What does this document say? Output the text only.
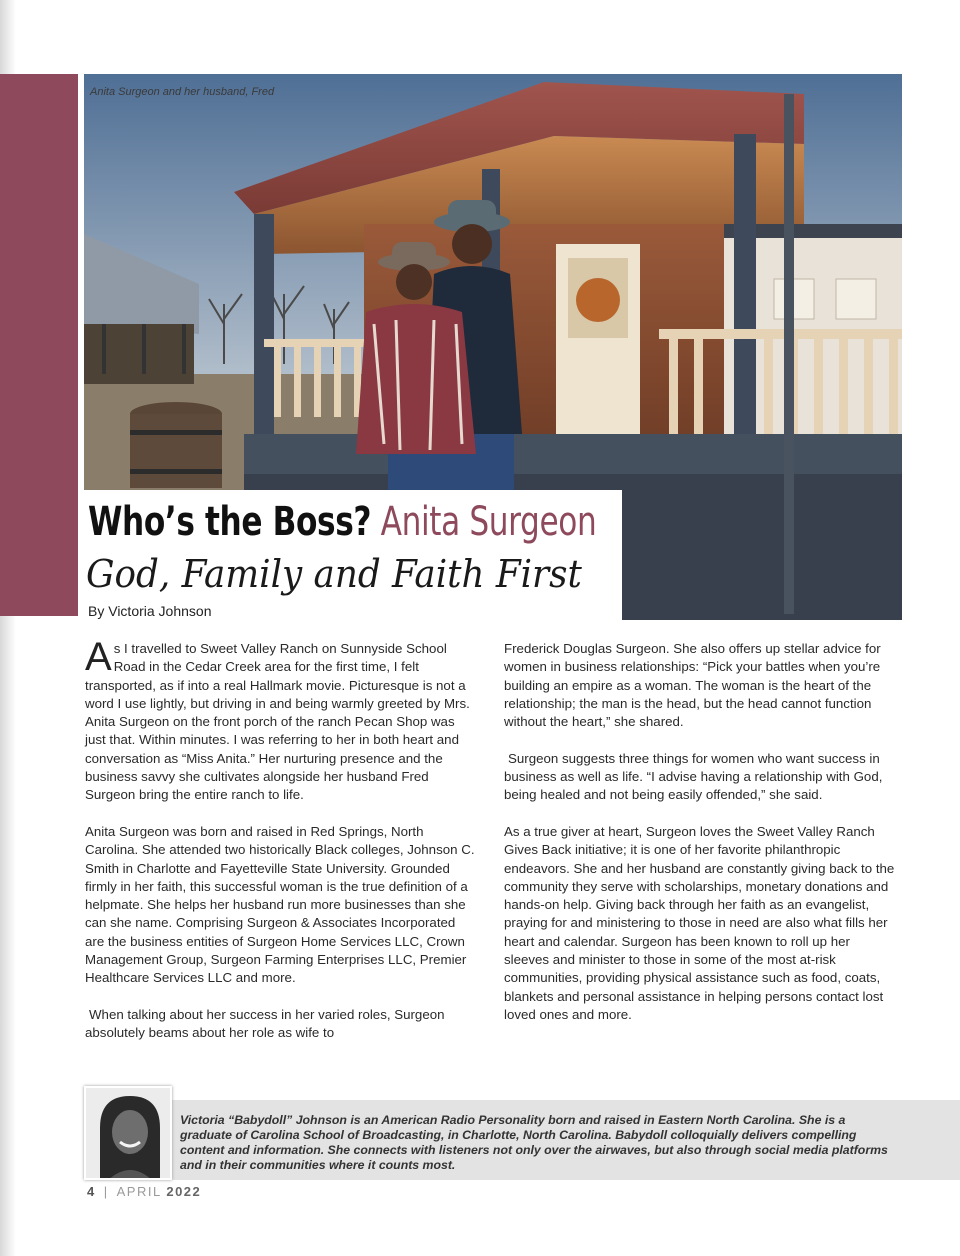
Anita Surgeon and her husband, Fred
Who’s the Boss? Anita Surgeon
God, Family and Faith First
By Victoria Johnson

As I travelled to Sweet Valley Ranch on Sunnyside School Road in the Cedar Creek area for the first time, I felt transported, as if into a real Hallmark movie. Picturesque is not a word I use lightly, but driving in and being warmly greeted by Mrs. Anita Surgeon on the front porch of the ranch Pecan Shop was just that. Within minutes. I was referring to her in both heart and conversation as “Miss Anita.” Her nurturing presence and the business savvy she cultivates alongside her husband Fred Surgeon bring the entire ranch to life.

Anita Surgeon was born and raised in Red Springs, North Carolina. She attended two historically Black colleges, Johnson C. Smith in Charlotte and Fayetteville State University. Grounded firmly in her faith, this successful woman is the true definition of a helpmate. She helps her husband run more businesses than she can she name. Comprising Surgeon & Associates Incorporated are the business entities of Surgeon Home Services LLC, Crown Management Group, Surgeon Farming Enterprises LLC, Premier Healthcare Services LLC and more.

When talking about her success in her varied roles, Surgeon absolutely beams about her role as wife to

Frederick Douglas Surgeon. She also offers up stellar advice for women in business relationships: “Pick your battles when you’re building an empire as a woman. The woman is the heart of the relationship; the man is the head, but the head cannot function without the heart,” she shared.

Surgeon suggests three things for women who want success in business as well as life. “I advise having a relationship with God, being healed and not being easily offended,” she said.

As a true giver at heart, Surgeon loves the Sweet Valley Ranch Gives Back initiative; it is one of her favorite philanthropic endeavors. She and her husband are constantly giving back to the community they serve with scholarships, monetary donations and hands-on help. Giving back through her faith as an evangelist, praying for and ministering to those in need are also what fills her heart and calendar. Surgeon has been known to roll up her sleeves and minister to those in some of the most at-risk communities, providing physical assistance such as food, coats, blankets and personal assistance in helping persons contact lost loved ones and more.

Victoria “Babydoll” Johnson is an American Radio Personality born and raised in Eastern North Carolina. She is a graduate of Carolina School of Broadcasting, in Charlotte, North Carolina. Babydoll colloquially delivers compelling content and information. She connects with listeners not only over the airwaves, but also through social media platforms and in their communities where it counts most.
4 | APRIL 2022
